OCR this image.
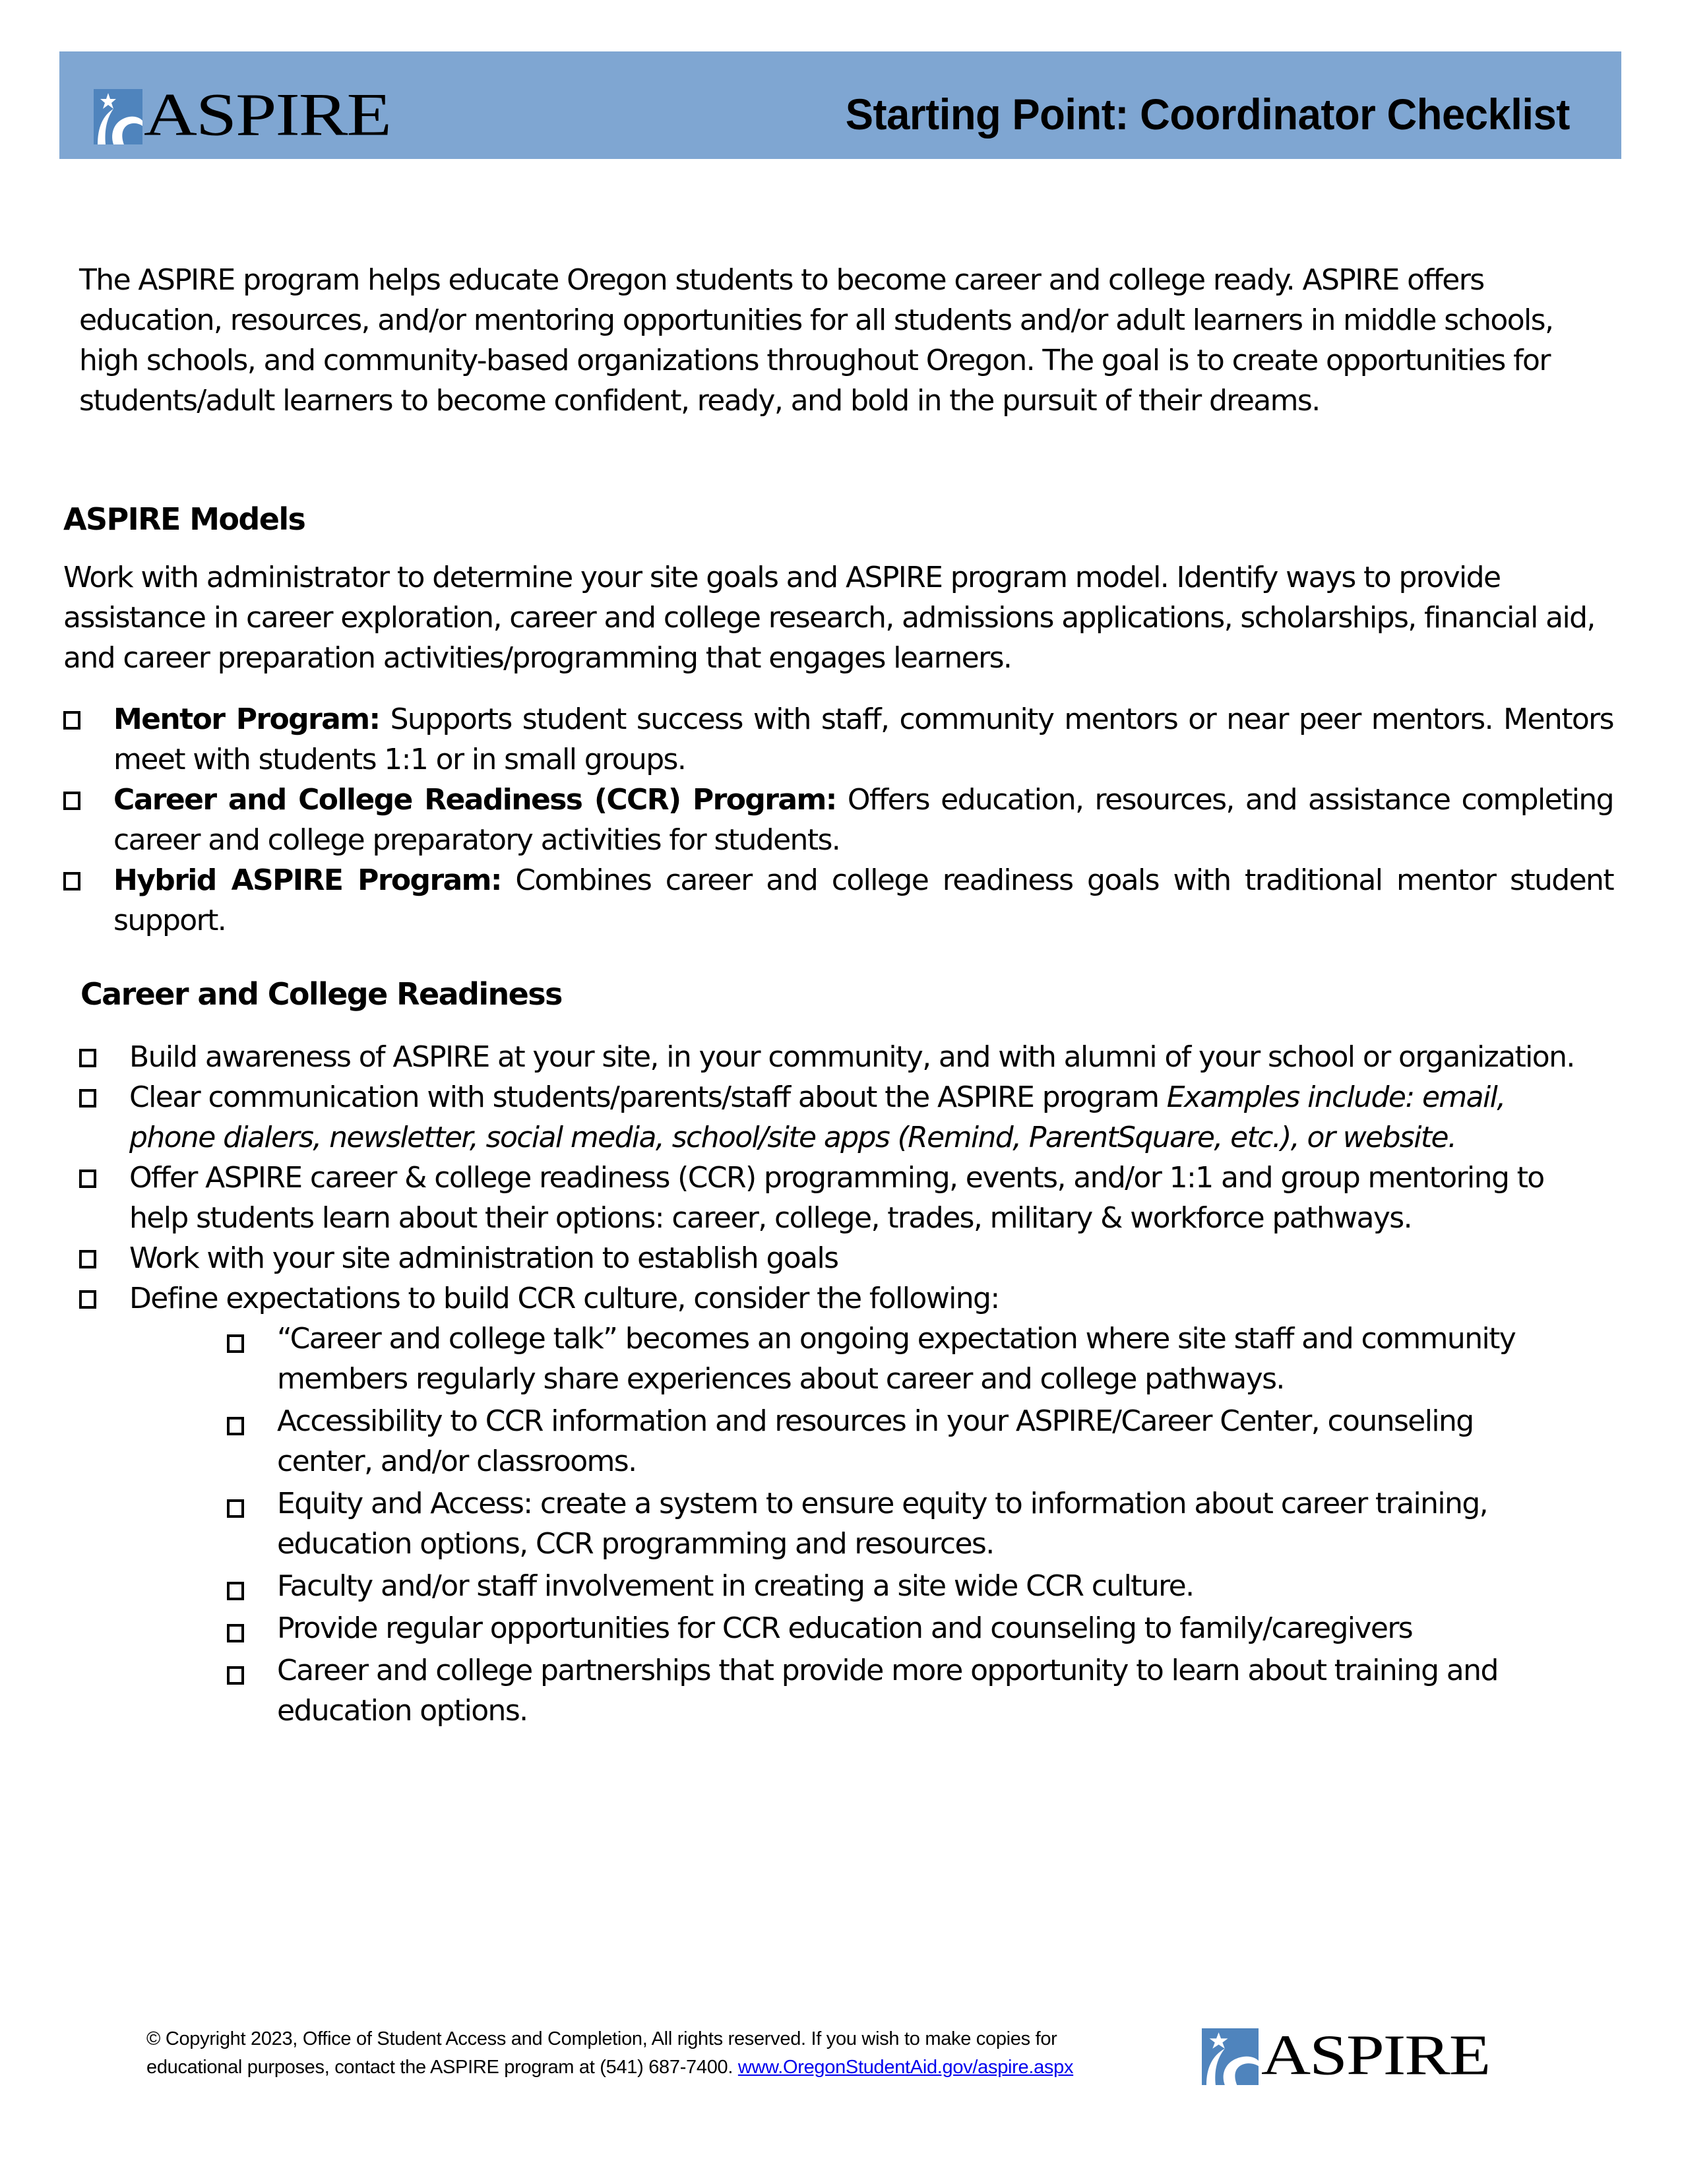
ASPIRE	Starting Point: Coordinator Checklist
The ASPIRE program helps educate Oregon students to become career and college ready. ASPIRE offers education, resources, and/or mentoring opportunities for all students and/or adult learners in middle schools, high schools, and community-based organizations throughout Oregon. The goal is to create opportunities for students/adult learners to become confident, ready, and bold in the pursuit of their dreams.
ASPIRE Models
Work with administrator to determine your site goals and ASPIRE program model. Identify ways to provide assistance in career exploration, career and college research, admissions applications, scholarships, financial aid, and career preparation activities/programming that engages learners.
Mentor Program: Supports student success with staff, community mentors or near peer mentors. Mentors meet with students 1:1 or in small groups.
Career and College Readiness (CCR) Program: Offers education, resources, and assistance completing career and college preparatory activities for students.
Hybrid ASPIRE Program: Combines career and college readiness goals with traditional mentor student support.
Career and College Readiness
Build awareness of ASPIRE at your site, in your community, and with alumni of your school or organization.
Clear communication with students/parents/staff about the ASPIRE program Examples include: email, phone dialers, newsletter, social media, school/site apps (Remind, ParentSquare, etc.), or website.
Offer ASPIRE career & college readiness (CCR) programming, events, and/or 1:1 and group mentoring to help students learn about their options: career, college, trades, military & workforce pathways.
Work with your site administration to establish goals
Define expectations to build CCR culture, consider the following:
“Career and college talk” becomes an ongoing expectation where site staff and community members regularly share experiences about career and college pathways.
Accessibility to CCR information and resources in your ASPIRE/Career Center, counseling center, and/or classrooms.
Equity and Access: create a system to ensure equity to information about career training, education options, CCR programming and resources.
Faculty and/or staff involvement in creating a site wide CCR culture.
Provide regular opportunities for CCR education and counseling to family/caregivers
Career and college partnerships that provide more opportunity to learn about training and education options.
© Copyright 2023, Office of Student Access and Completion, All rights reserved. If you wish to make copies for
educational purposes, contact the ASPIRE program at (541) 687-7400. www.OregonStudentAid.gov/aspire.aspx	ASPIRE
